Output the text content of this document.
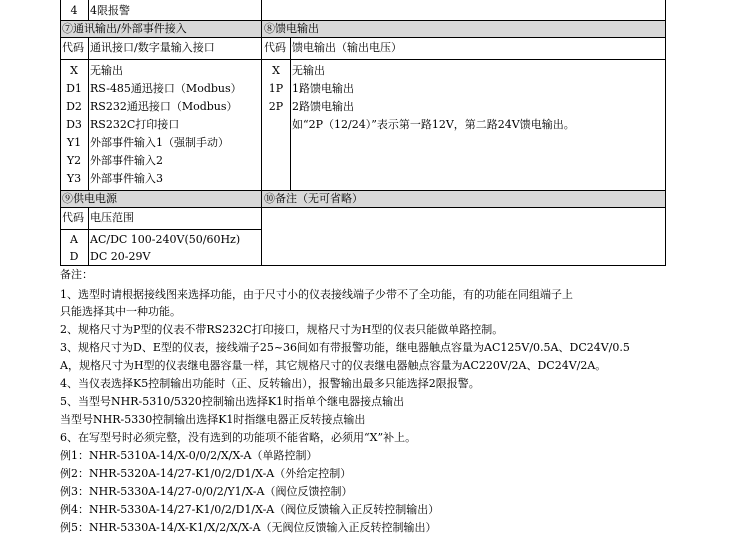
4	4限报警
⑦通讯输出/外部事件接入
代码 通讯接口/数字量输入接口
X	无输出
D1 RS-485通迅接口（Modbus）
D2 RS232通迅接口（Modbus）
D3 RS232C打印接口
Y1 外部事件输入1（强制手动）
Y2 外部事件输入2
Y3 外部事件输入3
⑧馈电输出
代码 馈电输出（输出电压）
X	无输出
1P 1路馈电输出
2P 2路馈电输出
如“2P（12/24）”表示第一路12V，第二路24V馈电输出。
⑨供电电源
代码 电压范围
A	AC/DC 100-240V(50/60Hz)
D	DC 20-29V
⑩备注（无可省略）
备注：
1、选型时请根据接线图来选择功能，由于尺寸小的仪表接线端子少带不了全功能，有的功能在同组端子上
只能选择其中一种功能。
2、规格尺寸为P型的仪表不带RS232C打印接口，规格尺寸为H型的仪表只能做单路控制。
3、规格尺寸为D、E型的仪表，接线端子25~36间如有带报警功能，继电器触点容量为AC125V/0.5A、DC24V/0.5
A，规格尺寸为H型的仪表继电器容量一样，其它规格尺寸的仪表继电器触点容量为AC220V/2A、DC24V/2A。
4、当仪表选择K5控制输出功能时（正、反转输出），报警输出最多只能选择2限报警。
5、当型号NHR-5310/5320控制输出选择K1时指单个继电器接点输出
当型号NHR-5330控制输出选择K1时指继电器正反转接点输出
6、在写型号时必须完整，没有选到的功能项不能省略，必须用“X”补上。
例1：NHR-5310A-14/X-0/0/2/X/X-A（单路控制）
例2：NHR-5320A-14/27-K1/0/2/D1/X-A（外给定控制）
例3：NHR-5330A-14/27-0/0/2/Y1/X-A（阀位反馈控制）
例4：NHR-5330A-14/27-K1/0/2/D1/X-A（阀位反馈输入正反转控制输出）
例5：NHR-5330A-14/X-K1/X/2/X/X-A（无阀位反馈输入正反转控制输出）
